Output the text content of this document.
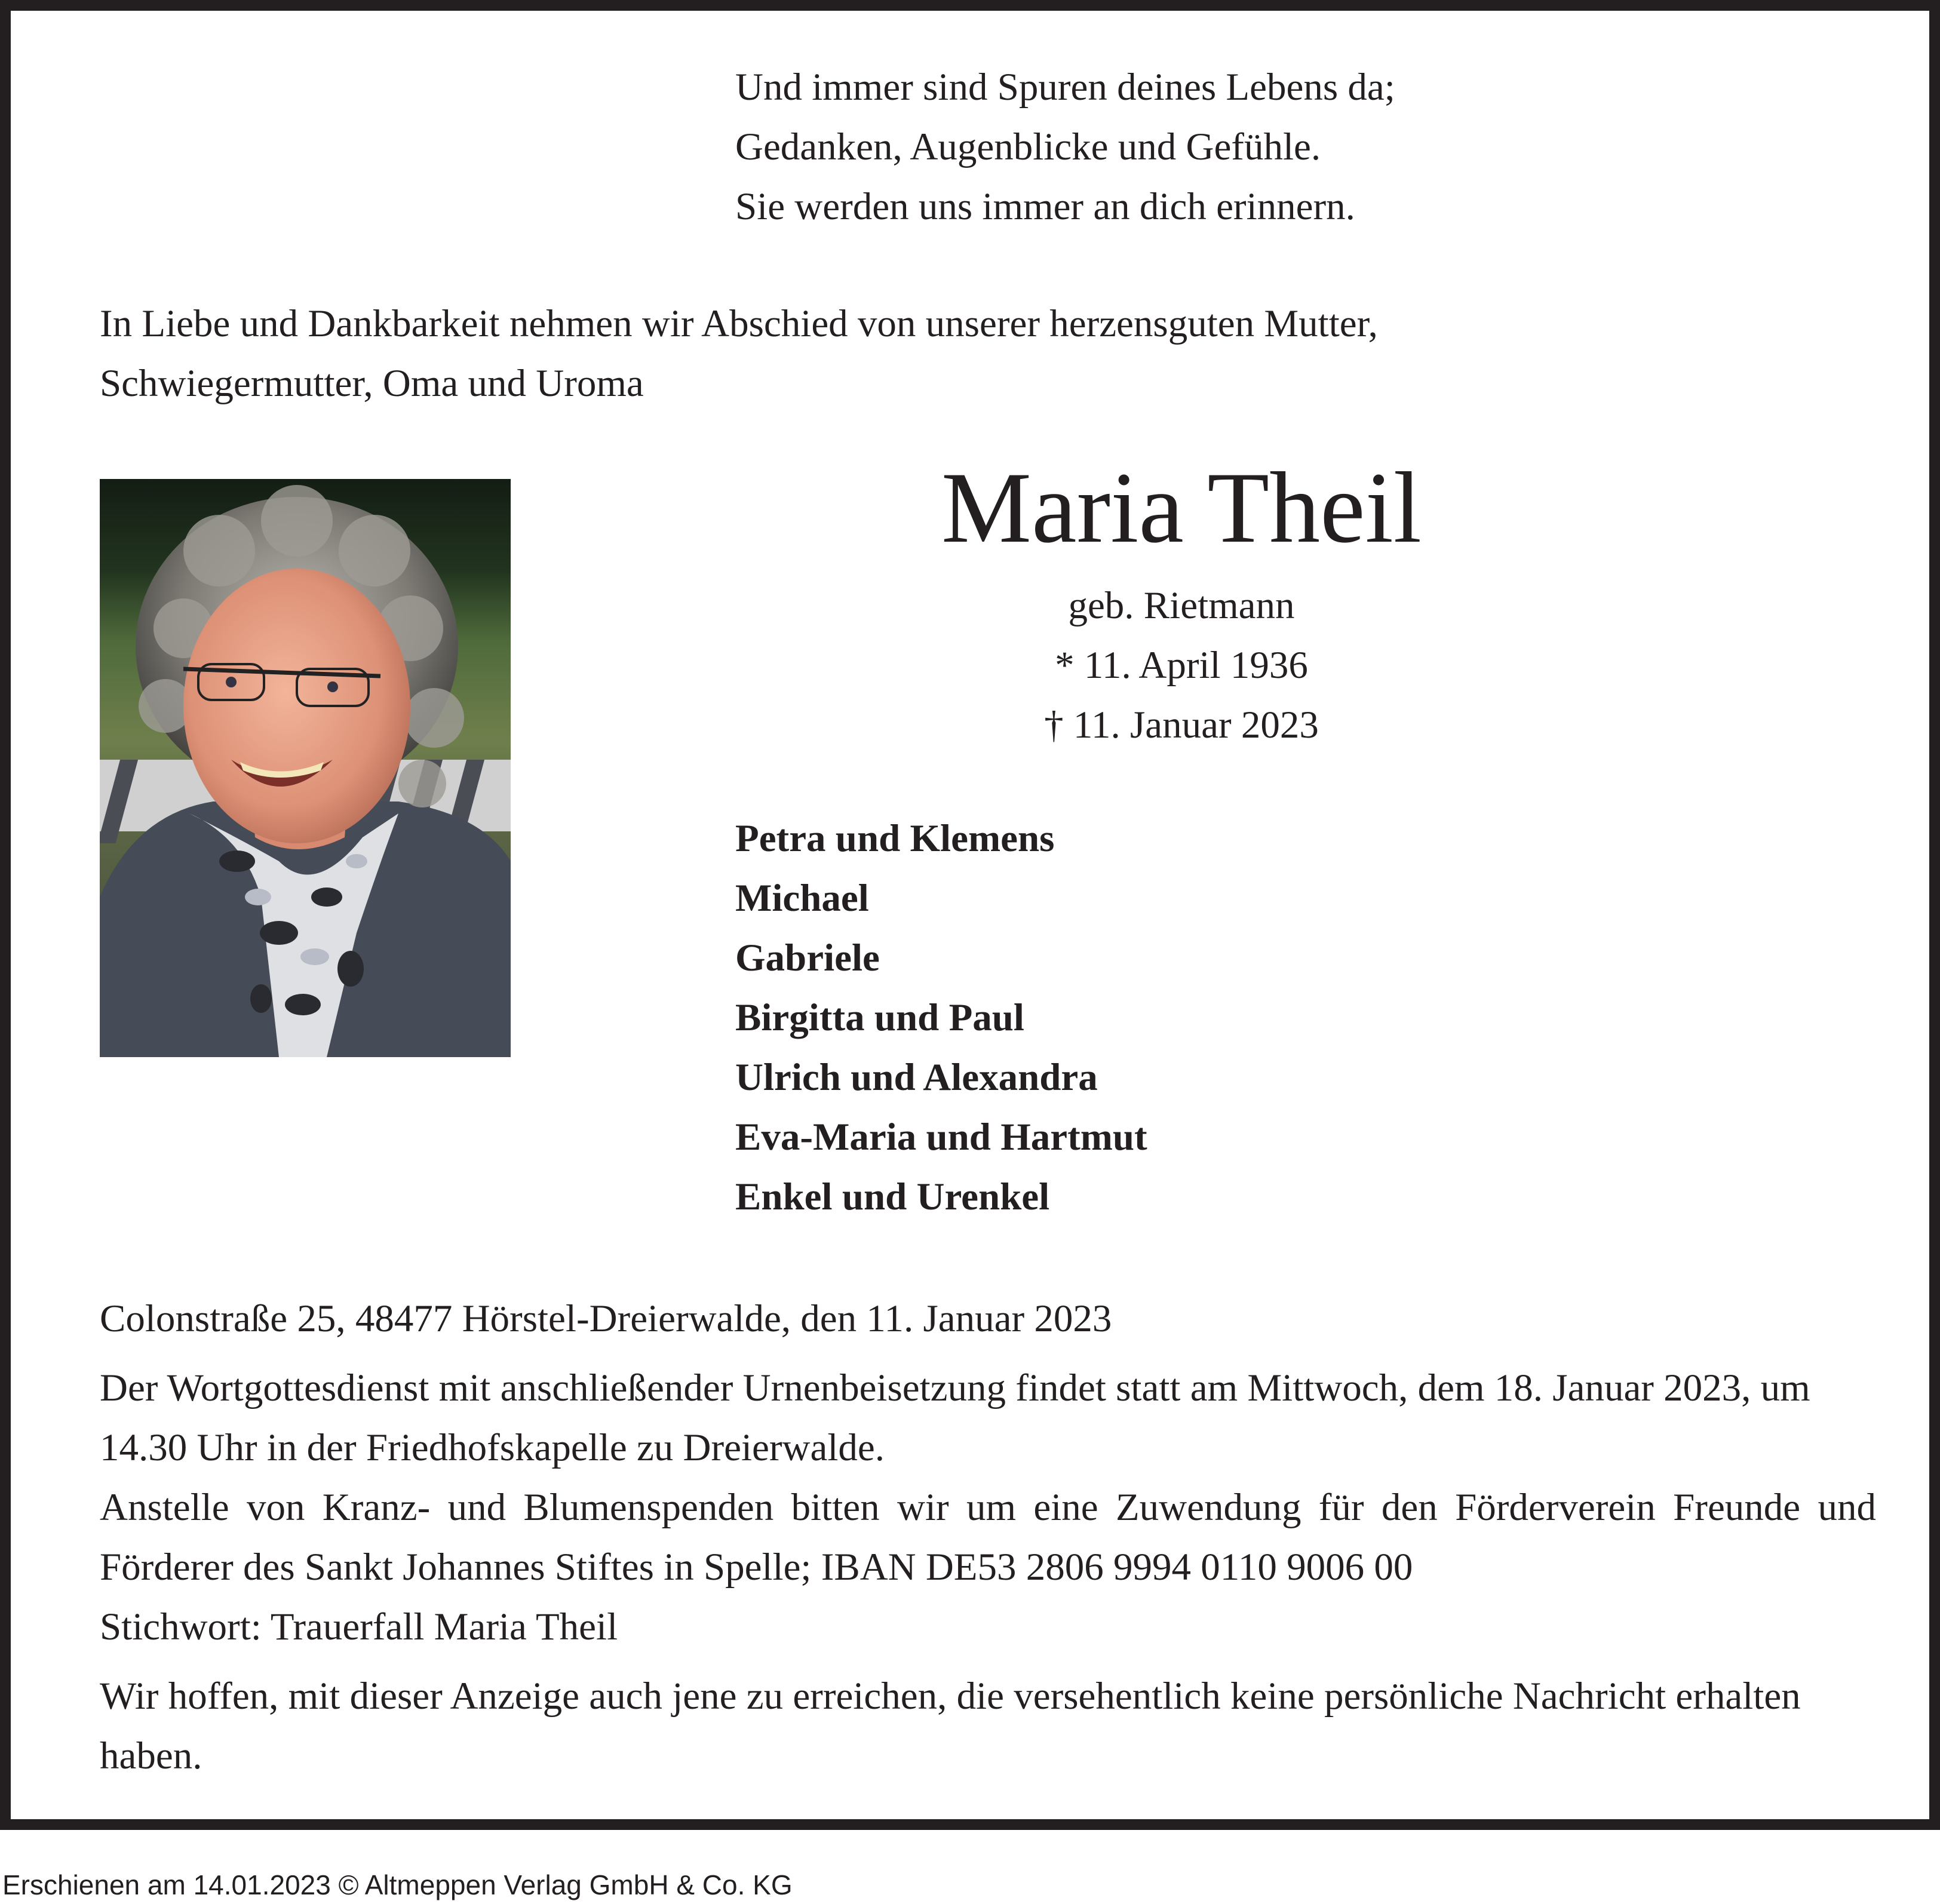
Und immer sind Spuren deines Lebens da;
Gedanken, Augenblicke und Gefühle.
Sie werden uns immer an dich erinnern.
In Liebe und Dankbarkeit nehmen wir Abschied von unserer herzensguten Mutter,
Schwiegermutter, Oma und Uroma
Maria Theil
geb. Rietmann
* 11. April 1936
† 11. Januar 2023
Petra und Klemens
Michael
Gabriele
Birgitta und Paul
Ulrich und Alexandra
Eva-Maria und Hartmut
Enkel und Urenkel

Colonstraße 25, 48477 Hörstel-Dreierwalde, den 11. Januar 2023

Der Wortgottesdienst mit anschließender Urnenbeisetzung findet statt am Mittwoch, dem 18. Januar 2023, um 14.30 Uhr in der Friedhofskapelle zu Dreierwalde.

Anstelle von Kranz- und Blumenspenden bitten wir um eine Zuwendung für den Förderverein Freunde und Förderer des Sankt Johannes Stiftes in Spelle; IBAN DE53 2806 9994 0110 9006 00

Stichwort: Trauerfall Maria Theil

Wir hoffen, mit dieser Anzeige auch jene zu erreichen, die versehentlich keine persönliche Nachricht erhalten haben.

Erschienen am 14.01.2023 © Altmeppen Verlag GmbH & Co. KG
